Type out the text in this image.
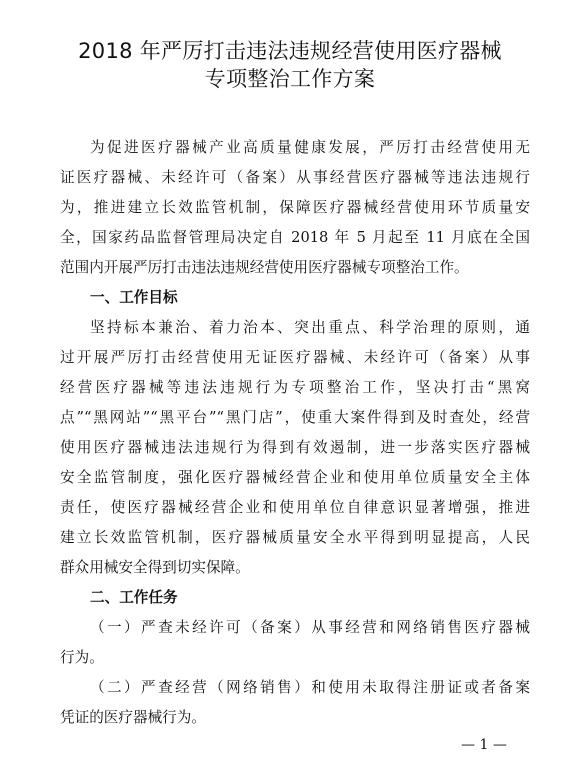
2018 年严厉打击违法违规经营使用医疗器械
专项整治工作方案
为促进医疗器械产业高质量健康发展，严厉打击经营使用无
证医疗器械、未经许可（备案）从事经营医疗器械等违法违规行
为，推进建立长效监管机制，保障医疗器械经营使用环节质量安
全，国家药品监督管理局决定自 2018 年 5 月起至 11 月底在全国
范围内开展严厉打击违法违规经营使用医疗器械专项整治工作。
一、工作目标
坚持标本兼治、着力治本、突出重点、科学治理的原则，通
过开展严厉打击经营使用无证医疗器械、未经许可（备案）从事
经营医疗器械等违法违规行为专项整治工作，坚决打击“黑窝
点”“黑网站”“黑平台”“黑门店”，使重大案件得到及时查处，经营
使用医疗器械违法违规行为得到有效遏制，进一步落实医疗器械
安全监管制度，强化医疗器械经营企业和使用单位质量安全主体
责任，使医疗器械经营企业和使用单位自律意识显著增强，推进
建立长效监管机制，医疗器械质量安全水平得到明显提高，人民
群众用械安全得到切实保障。
二、工作任务
（一）严查未经许可（备案）从事经营和网络销售医疗器械
行为。
（二）严查经营（网络销售）和使用未取得注册证或者备案
凭证的医疗器械行为。
— 1 —
